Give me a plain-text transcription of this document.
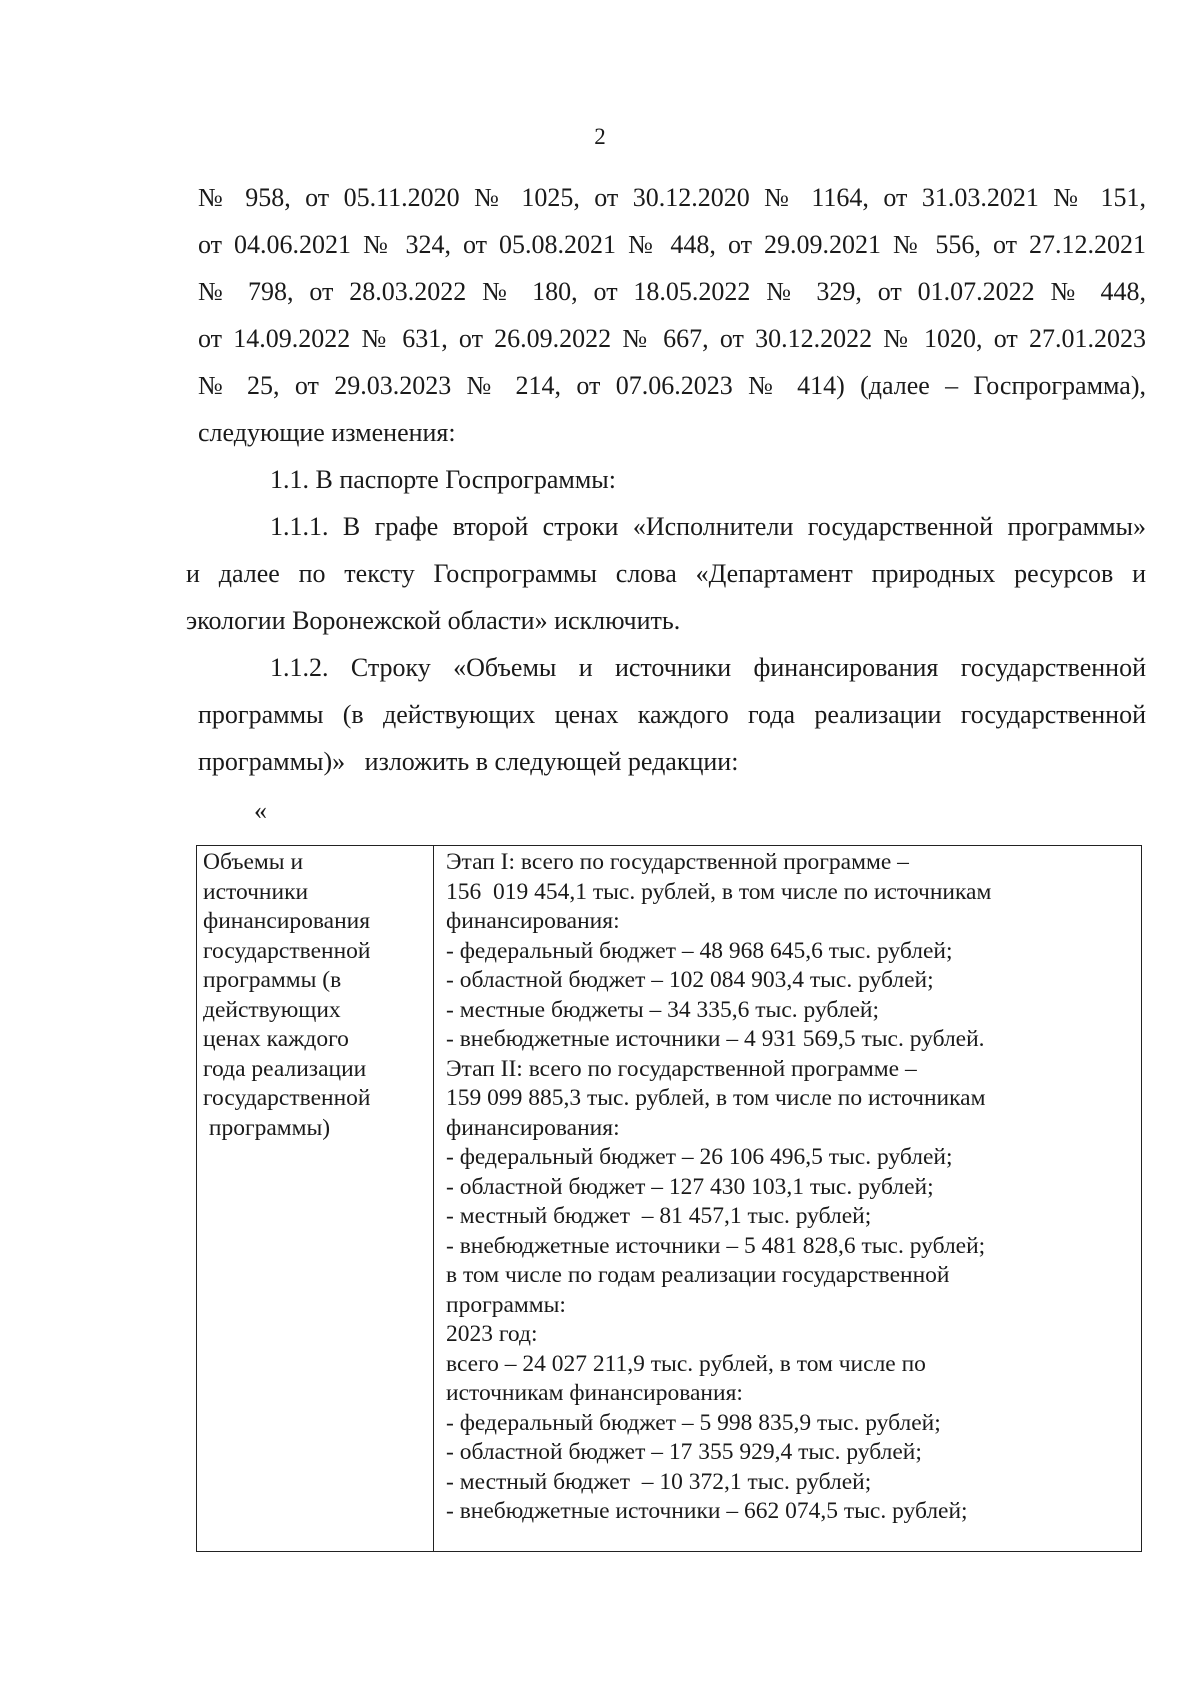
2
№ 958, от 05.11.2020 № 1025, от 30.12.2020 № 1164, от 31.03.2021 № 151,
от 04.06.2021 № 324, от 05.08.2021 № 448, от 29.09.2021 № 556, от 27.12.2021
№ 798, от 28.03.2022 № 180, от 18.05.2022 № 329, от 01.07.2022 № 448,
от 14.09.2022 № 631, от 26.09.2022 № 667, от 30.12.2022 № 1020, от 27.01.2023
№ 25, от 29.03.2023 № 214, от 07.06.2023 № 414) (далее – Госпрограмма),
следующие изменения:
1.1. В паспорте Госпрограммы:
1.1.1. В графе второй строки «Исполнители государственной программы»
и далее по тексту Госпрограммы слова «Департамент природных ресурсов и
экологии Воронежской области» исключить.
1.1.2. Строку «Объемы и источники финансирования государственной
программы (в действующих ценах каждого года реализации государственной
программы)»   изложить в следующей редакции:
«
Объемы и
источники
финансирования
государственной
программы (в
действующих
ценах каждого
года реализации
государственной
программы)
Этап I: всего по государственной программе –
156  019 454,1 тыс. рублей, в том числе по источникам
финансирования:
- федеральный бюджет – 48 968 645,6 тыс. рублей;
- областной бюджет – 102 084 903,4 тыс. рублей;
- местные бюджеты – 34 335,6 тыс. рублей;
- внебюджетные источники – 4 931 569,5 тыс. рублей.
Этап II: всего по государственной программе –
159 099 885,3 тыс. рублей, в том числе по источникам
финансирования:
- федеральный бюджет – 26 106 496,5 тыс. рублей;
- областной бюджет – 127 430 103,1 тыс. рублей;
- местный бюджет  – 81 457,1 тыс. рублей;
- внебюджетные источники – 5 481 828,6 тыс. рублей;
в том числе по годам реализации государственной
программы:
2023 год:
всего – 24 027 211,9 тыс. рублей, в том числе по
источникам финансирования:
- федеральный бюджет – 5 998 835,9 тыс. рублей;
- областной бюджет – 17 355 929,4 тыс. рублей;
- местный бюджет  – 10 372,1 тыс. рублей;
- внебюджетные источники – 662 074,5 тыс. рублей;
